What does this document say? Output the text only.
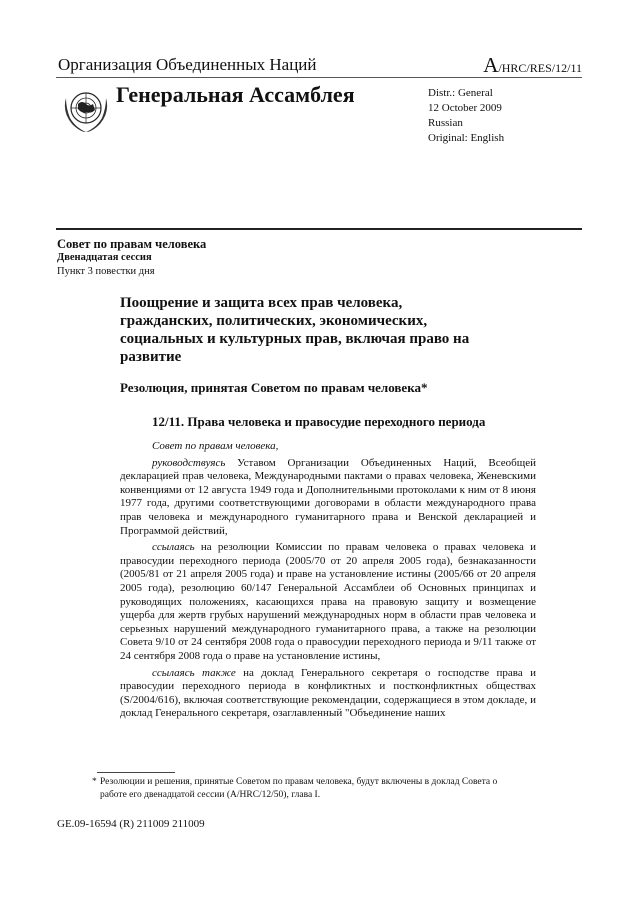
Организация Объединенных Наций	A/HRC/RES/12/11
Генеральная Ассамблея	Distr.: General
12 October 2009
Russian
Original: English
Совет по правам человека
Двенадцатая сессия
Пункт 3 повестки дня
Поощрение и защита всех прав человека, гражданских, политических, экономических, социальных и культурных прав, включая право на развитие
Резолюция, принятая Советом по правам человека*
12/11. Права человека и правосудие переходного периода

Совет по правам человека,

руководствуясь Уставом Организации Объединенных Наций, Всеобщей декларацией прав человека, Международными пактами о правах человека, Женевскими конвенциями от 12 августа 1949 года и Дополнительными протоколами к ним от 8 июня 1977 года, другими соответствующими договорами в области международного права прав человека и международного гуманитарного права и Венской декларацией и Программой действий,

ссылаясь на резолюции Комиссии по правам человека о правах человека и правосудии переходного периода (2005/70 от 20 апреля 2005 года), безнаказанности (2005/81 от 21 апреля 2005 года) и праве на установление истины (2005/66 от 20 апреля 2005 года), резолюцию 60/147 Генеральной Ассамблеи об Основных принципах и руководящих положениях, касающихся права на правовую защиту и возмещение ущерба для жертв грубых нарушений международных норм в области прав человека и серьезных нарушений международного гуманитарного права, а также на резолюции Совета 9/10 от 24 сентября 2008 года о правосудии переходного периода и 9/11 также от 24 сентября 2008 года о праве на установление истины,

ссылаясь также на доклад Генерального секретаря о господстве права и правосудии переходного периода в конфликтных и постконфликтных обществах (S/2004/616), включая соответствующие рекомендации, содержащиеся в этом докладе, и доклад Генерального секретаря, озаглавленный "Объединение наших

* Резолюции и решения, принятые Советом по правам человека, будут включены в доклад Совета о работе его двенадцатой сессии (A/HRC/12/50), глава I.
GE.09-16594 (R) 211009 211009
